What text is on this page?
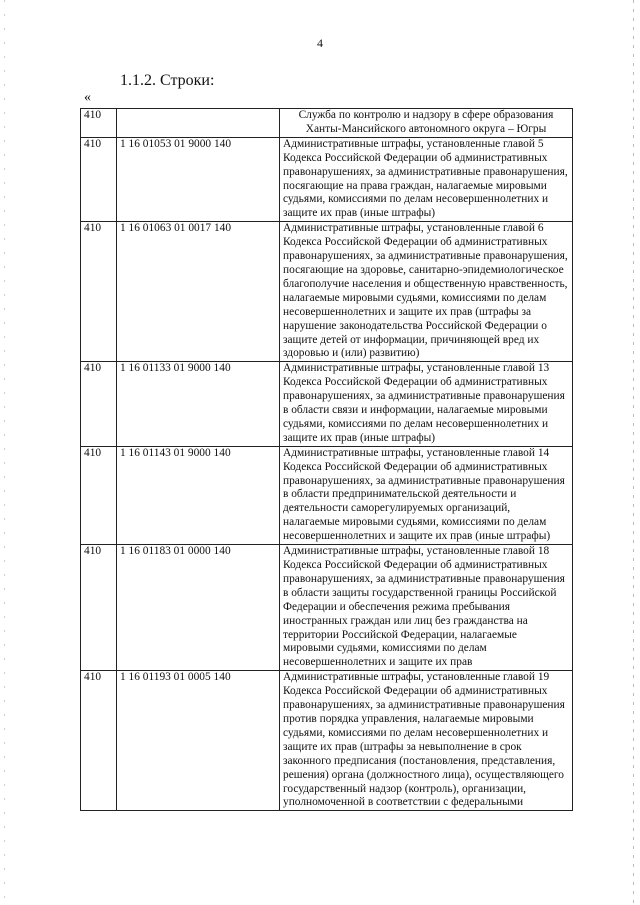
4
1.1.2. Строки:
«
410		Служба по контролю и надзору в сфере образования Ханты-Мансийского автономного округа – Югры
410	1 16 01053 01 9000 140	Административные штрафы, установленные главой 5 Кодекса Российской Федерации об административных правонарушениях, за административные правонарушения, посягающие на права граждан, налагаемые мировыми судьями, комиссиями по делам несовершеннолетних и защите их прав (иные штрафы)
410	1 16 01063 01 0017 140	Административные штрафы, установленные главой 6 Кодекса Российской Федерации об административных правонарушениях, за административные правонарушения, посягающие на здоровье, санитарно-эпидемиологическое благополучие населения и общественную нравственность, налагаемые мировыми судьями, комиссиями по делам несовершеннолетних и защите их прав (штрафы за нарушение законодательства Российской Федерации о защите детей от информации, причиняющей вред их здоровью и (или) развитию)
410	1 16 01133 01 9000 140	Административные штрафы, установленные главой 13 Кодекса Российской Федерации об административных правонарушениях, за административные правонарушения в области связи и информации, налагаемые мировыми судьями, комиссиями по делам несовершеннолетних и защите их прав (иные штрафы)
410	1 16 01143 01 9000 140	Административные штрафы, установленные главой 14 Кодекса Российской Федерации об административных правонарушениях, за административные правонарушения в области предпринимательской деятельности и деятельности саморегулируемых организаций, налагаемые мировыми судьями, комиссиями по делам несовершеннолетних и защите их прав (иные штрафы)
410	1 16 01183 01 0000 140	Административные штрафы, установленные главой 18 Кодекса Российской Федерации об административных правонарушениях, за административные правонарушения в области защиты государственной границы Российской Федерации и обеспечения режима пребывания иностранных граждан или лиц без гражданства на территории Российской Федерации, налагаемые мировыми судьями, комиссиями по делам несовершеннолетних и защите их прав
410	1 16 01193 01 0005 140	Административные штрафы, установленные главой 19 Кодекса Российской Федерации об административных правонарушениях, за административные правонарушения против порядка управления, налагаемые мировыми судьями, комиссиями по делам несовершеннолетних и защите их прав (штрафы за невыполнение в срок законного предписания (постановления, представления, решения) органа (должностного лица), осуществляющего государственный надзор (контроль), организации, уполномоченной в соответствии с федеральными
